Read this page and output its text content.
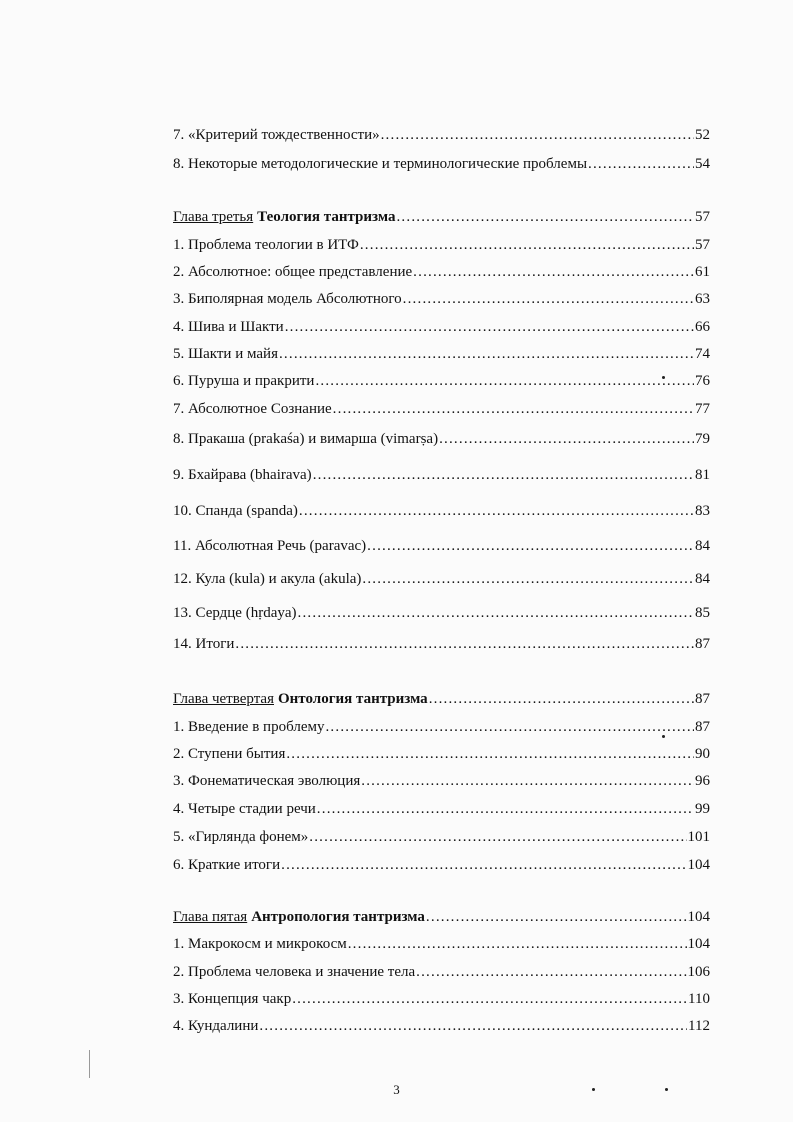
7. «Критерий тождественности» .....	52
8. Некоторые методологические и терминологические проблемы .....	54
Глава третья Теология тантризма .....	57
1. Проблема теологии в ИТФ .....	57
2. Абсолютное: общее представление .....	61
3. Биполярная модель Абсолютного .....	63
4. Шива и Шакти .....	66
5. Шакти и майя .....	74
6. Пуруша и пракрити .....	76
7. Абсолютное Сознание .....	77
8. Пракаша (prakaśa) и вимарша (vimarṣa) .....	79
9. Бхайрава (bhairava) .....	81
10. Спанда (spanda) .....	83
11. Абсолютная Речь (paravac) .....	84
12. Кула (kula) и акула (akula) .....	84
13. Сердце (hṛdaya) .....	85
14. Итоги .....	87
Глава четвертая Онтология тантризма .....	87
1. Введение в проблему .....	87
2. Ступени бытия .....	90
3. Фонематическая эволюция .....	96
4. Четыре стадии речи .....	99
5. «Гирлянда фонем» .....	101
6. Краткие итоги .....	104
Глава пятая Антропология тантризма .....	104
1. Макрокосм и микрокосм .....	104
2. Проблема человека и значение тела .....	106
3. Концепция чакр .....	110
4. Кундалини .....	112
3
